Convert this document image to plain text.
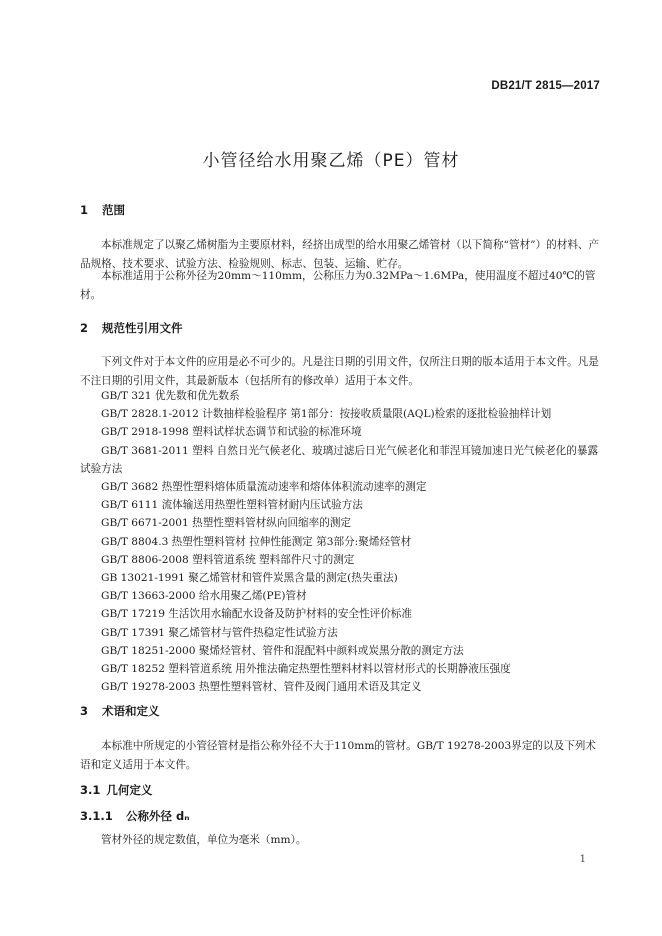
DB21/T 2815—2017
小管径给水用聚乙烯（PE）管材
1 范围
本标准规定了以聚乙烯树脂为主要原材料，经挤出成型的给水用聚乙烯管材（以下简称“管材”）的材料、产品规格、技术要求、试验方法、检验规则、标志、包装、运输、贮存。
本标准适用于公称外径为20mm～110mm，公称压力为0.32MPa～1.6MPa，使用温度不超过40℃的管材。
2 规范性引用文件
下列文件对于本文件的应用是必不可少的。凡是注日期的引用文件，仅所注日期的版本适用于本文件。凡是不注日期的引用文件，其最新版本（包括所有的修改单）适用于本文件。
GB/T 321 优先数和优先数系
GB/T 2828.1-2012 计数抽样检验程序 第1部分：按接收质量限(AQL)检索的逐批检验抽样计划
GB/T 2918-1998 塑料试样状态调节和试验的标准环境
GB/T 3681-2011 塑料 自然日光气候老化、玻璃过滤后日光气候老化和菲涅耳镜加速日光气候老化的暴露试验方法
GB/T 3682 热塑性塑料熔体质量流动速率和熔体体积流动速率的测定
GB/T 6111 流体输送用热塑性塑料管材耐内压试验方法
GB/T 6671-2001 热塑性塑料管材纵向回缩率的测定
GB/T 8804.3 热塑性塑料管材 拉伸性能测定 第3部分:聚烯烃管材
GB/T 8806-2008 塑料管道系统 塑料部件尺寸的测定
GB 13021-1991 聚乙烯管材和管件炭黑含量的测定(热失重法)
GB/T 13663-2000 给水用聚乙烯(PE)管材
GB/T 17219 生活饮用水输配水设备及防护材料的安全性评价标准
GB/T 17391 聚乙烯管材与管件热稳定性试验方法
GB/T 18251-2000 聚烯烃管材、管件和混配料中颜料或炭黑分散的测定方法
GB/T 18252 塑料管道系统 用外推法确定热塑性塑料材料以管材形式的长期静液压强度
GB/T 19278-2003 热塑性塑料管材、管件及阀门通用术语及其定义
3 术语和定义
本标准中所规定的小管径管材是指公称外径不大于110mm的管材。GB/T 19278-2003界定的以及下列术语和定义适用于本文件。
3.1 几何定义
3.1.1 公称外径 dₙ
管材外径的规定数值，单位为毫米（mm）。
1
